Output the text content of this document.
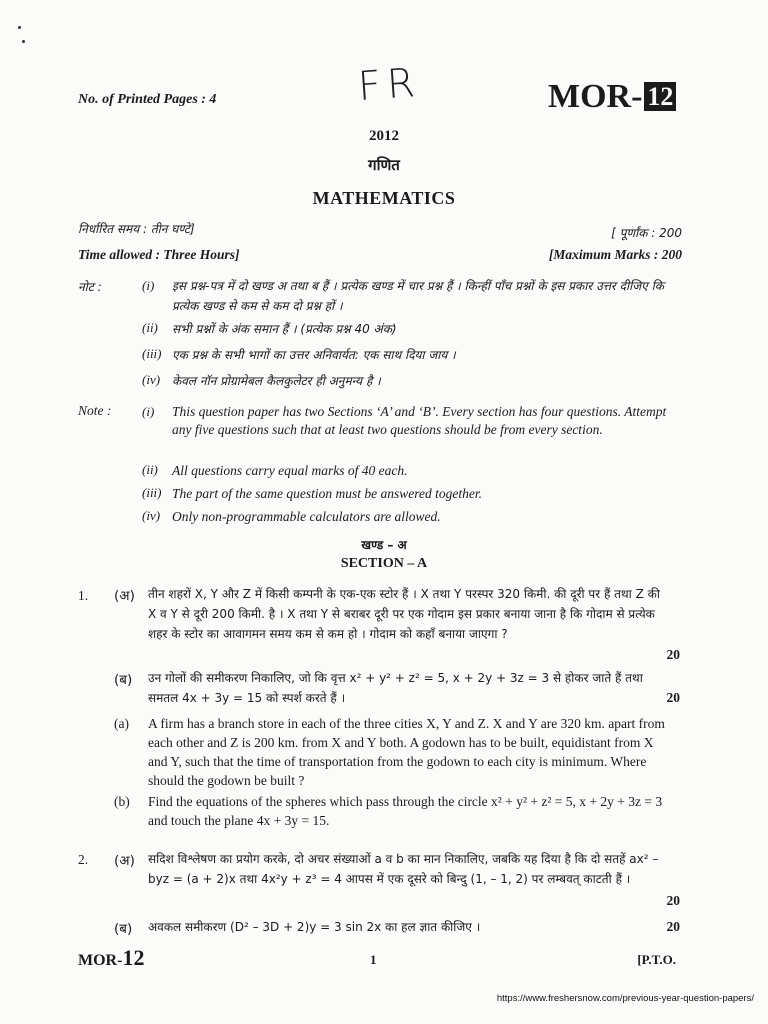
No. of Printed Pages : 4	FR	MOR- 12
2012
गणित
MATHEMATICS
निर्धारित समय : तीन घण्टे]	[ पूर्णांक : 200
Time allowed : Three Hours]	[Maximum Marks : 200
नोट :	(i) इस प्रश्न-पत्र में दो खण्ड अ तथा ब हैं । प्रत्येक खण्ड में चार प्रश्न हैं । किन्हीं पाँच प्रश्नों के इस प्रकार उत्तर दीजिए कि प्रत्येक खण्ड से कम से कम दो प्रश्न हों ।
(ii) सभी प्रश्नों के अंक समान हैं । (प्रत्येक प्रश्न 40 अंक)
(iii) एक प्रश्न के सभी भागों का उत्तर अनिवार्यत: एक साथ दिया जाय ।
(iv) केवल नॉन प्रोग्रामेबल कैलकुलेटर ही अनुमन्य है ।
Note : (i) This question paper has two Sections ‘A’ and ‘B’. Every section has four questions. Attempt any five questions such that at least two questions should be from every section.
(ii) All questions carry equal marks of 40 each.
(iii) The part of the same question must be answered together.
(iv) Only non-programmable calculators are allowed.
खण्ड – अ
SECTION – A
1. (अ) तीन शहरों X, Y और Z में किसी कम्पनी के एक-एक स्टोर हैं । X तथा Y परस्पर 320 किमी. की दूरी पर हैं तथा Z की X व Y से दूरी 200 किमी. है । X तथा Y से बराबर दूरी पर एक गोदाम इस प्रकार बनाया जाना है कि गोदाम से प्रत्येक शहर के स्टोर का आवागमन समय कम से कम हो । गोदाम को कहाँ बनाया जाएगा ?
20
(ब) उन गोलों की समीकरण निकालिए, जो कि वृत्त x² + y² + z² = 5, x + 2y + 3z = 3 से होकर जाते हैं तथा समतल 4x + 3y = 15 को स्पर्श करते हैं ।	20
(a) A firm has a branch store in each of the three cities X, Y and Z. X and Y are 320 km. apart from each other and Z is 200 km. from X and Y both. A godown has to be built, equidistant from X and Y, such that the time of transportation from the godown to each city is minimum. Where should the godown be built ?
(b) Find the equations of the spheres which pass through the circle x² + y² + z² = 5, x + 2y + 3z = 3 and touch the plane 4x + 3y = 15.
2. (अ) सदिश विश्लेषण का प्रयोग करके, दो अचर संख्याओं a व b का मान निकालिए, जबकि यह दिया है कि दो सतहें ax² – byz = (a + 2)x तथा 4x²y + z³ = 4 आपस में एक दूसरे को बिन्दु (1, – 1, 2) पर लम्बवत् काटती हैं ।
20
(ब) अवकल समीकरण (D² – 3D + 2)y = 3 sin 2x का हल ज्ञात कीजिए ।	20
MOR-12	1	[P.T.O.
https://www.freshersnow.com/previous-year-question-papers/
